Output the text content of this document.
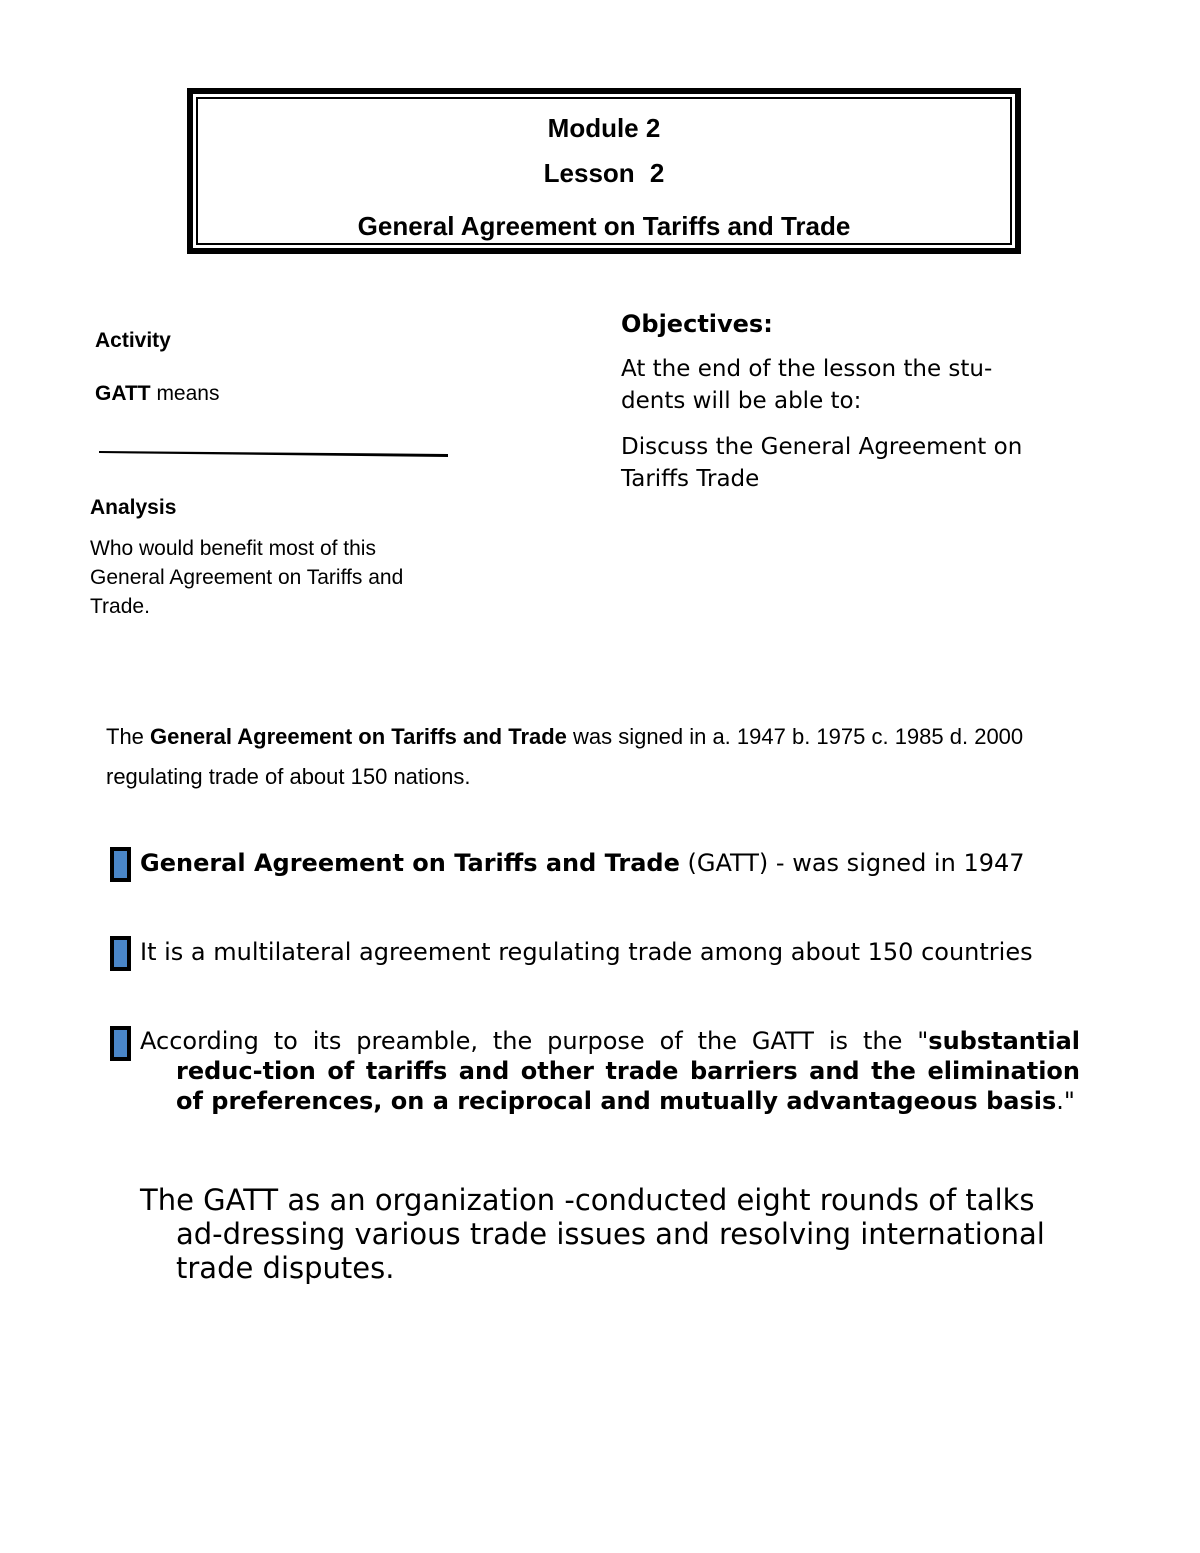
Module 2
Lesson 2
General Agreement on Tariffs and Trade
Activity
GATT means
Analysis
Who would benefit most of this General Agreement on Tariffs and Trade.
Objectives:
At the end of the lesson the stu-dents will be able to:
Discuss the General Agreement on Tariffs Trade
The General Agreement on Tariffs and Trade was signed in a. 1947 b. 1975 c. 1985 d. 2000 regulating trade of about 150 nations.
General Agreement on Tariffs and Trade (GATT) - was signed in 1947
It is a multilateral agreement regulating trade among about 150 countries
According to its preamble, the purpose of the GATT is the "substantial reduc-tion of tariffs and other trade barriers and the elimination of preferences, on a reciprocal and mutually advantageous basis."
The GATT as an organization -conducted eight rounds of talks ad-dressing various trade issues and resolving international trade disputes.
